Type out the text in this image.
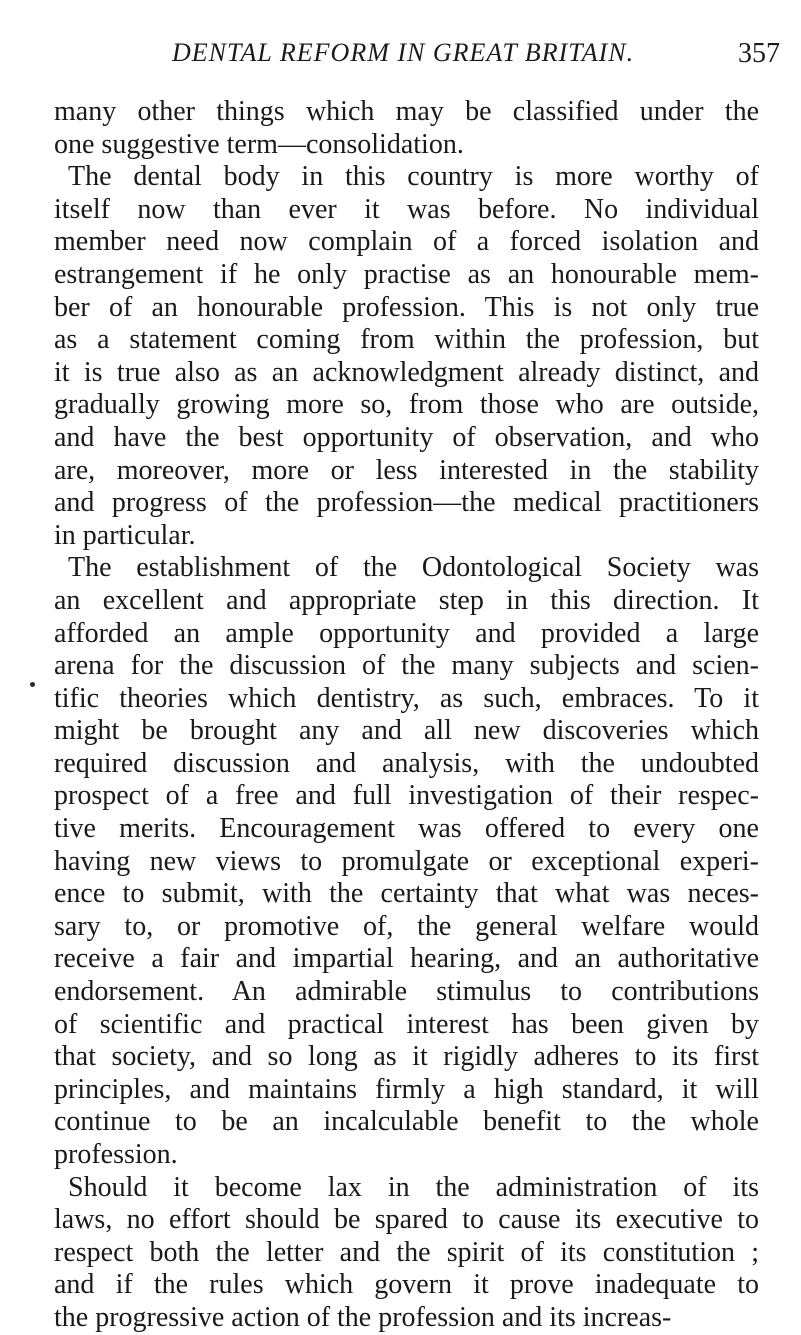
DENTAL REFORM IN GREAT BRITAIN.	357
many other things which may be classified under the
one suggestive term—consolidation.
The dental body in this country is more worthy of
itself now than ever it was before. No individual
member need now complain of a forced isolation and
estrangement if he only practise as an honourable mem-
ber of an honourable profession. This is not only true
as a statement coming from within the profession, but
it is true also as an acknowledgment already distinct, and
gradually growing more so, from those who are outside,
and have the best opportunity of observation, and who
are, moreover, more or less interested in the stability
and progress of the profession—the medical practitioners
in particular.
The establishment of the Odontological Society was
an excellent and appropriate step in this direction. It
afforded an ample opportunity and provided a large
arena for the discussion of the many subjects and scien-
tific theories which dentistry, as such, embraces. To it
might be brought any and all new discoveries which
required discussion and analysis, with the undoubted
prospect of a free and full investigation of their respec-
tive merits. Encouragement was offered to every one
having new views to promulgate or exceptional experi-
ence to submit, with the certainty that what was neces-
sary to, or promotive of, the general welfare would
receive a fair and impartial hearing, and an authoritative
endorsement. An admirable stimulus to contributions
of scientific and practical interest has been given by
that society, and so long as it rigidly adheres to its first
principles, and maintains firmly a high standard, it will
continue to be an incalculable benefit to the whole
profession.
Should it become lax in the administration of its
laws, no effort should be spared to cause its executive to
respect both the letter and the spirit of its constitution ;
and if the rules which govern it prove inadequate to
the progressive action of the profession and its increas-
